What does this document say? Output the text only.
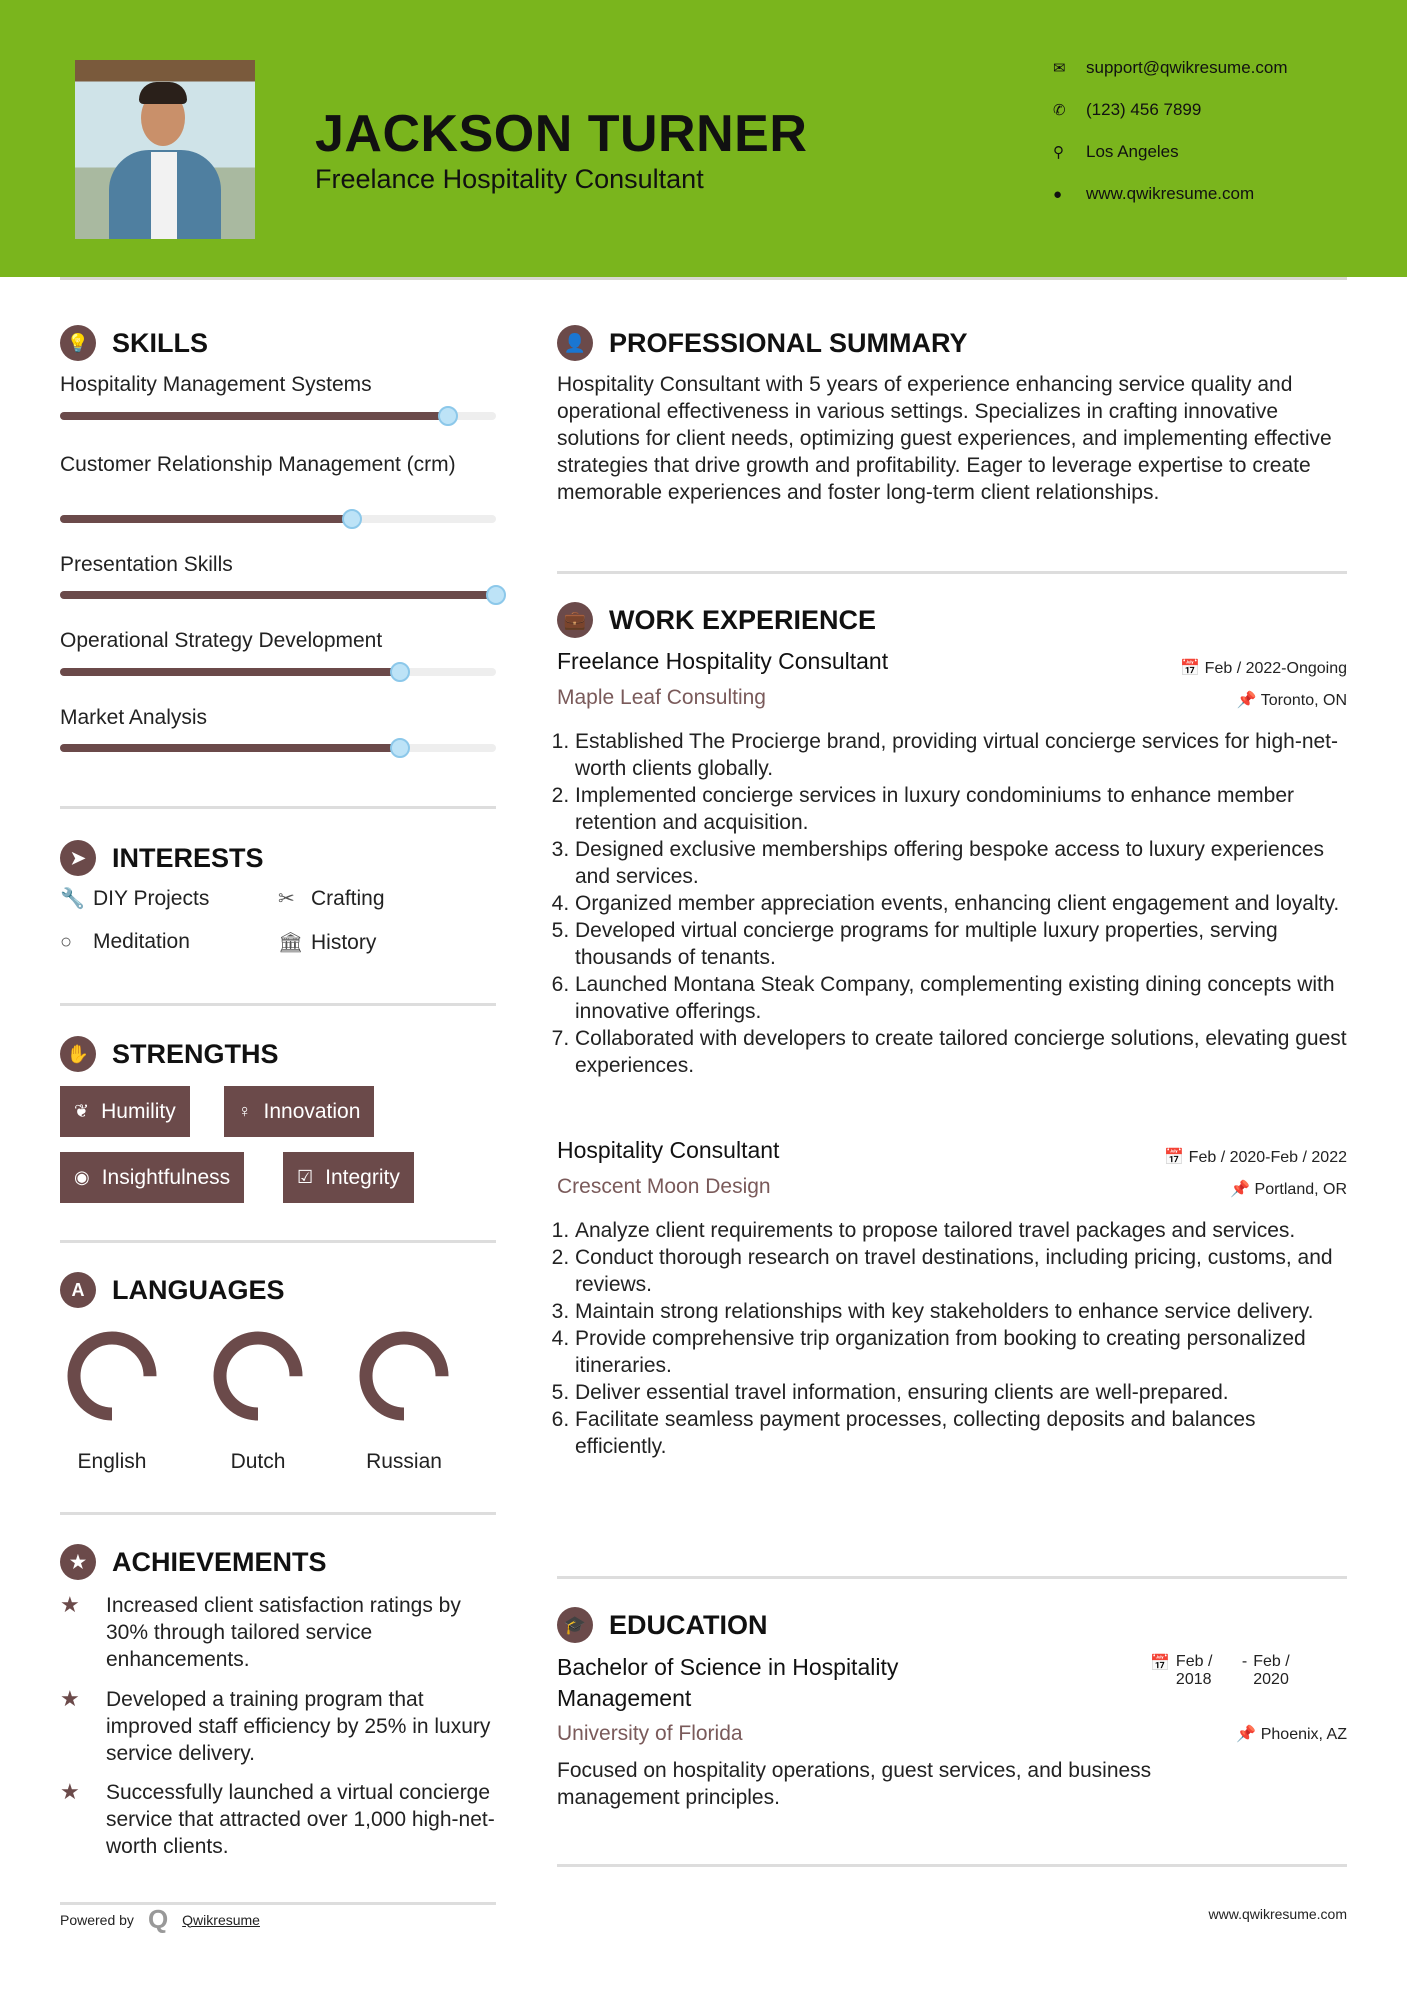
JACKSON TURNER
Freelance Hospitality Consultant
✉	support@qwikresume.com
✆	(123) 456 7899
⚲	Los Angeles
●	www.qwikresume.com
💡 SKILLS
Hospitality Management Systems
Customer Relationship Management (crm)
Presentation Skills
Operational Strategy Development
Market Analysis
➤ INTERESTS
🔧 DIY Projects	✂ Crafting
○ Meditation	🏛 History
✋ STRENGTHS
❦ Humility	♀ Innovation
◉ Insightfulness	☑ Integrity
A	LANGUAGES
English	Dutch	Russian
★ ACHIEVEMENTS
★	Increased client satisfaction ratings by 30% through tailored service enhancements.
★	Developed a training program that improved staff efficiency by 25% in luxury service delivery.
★	Successfully launched a virtual concierge service that attracted over 1,000 high-net-worth clients.
Powered by Q Qwikresume
👤 PROFESSIONAL SUMMARY
Hospitality Consultant with 5 years of experience enhancing service quality and operational effectiveness in various settings. Specializes in crafting innovative solutions for client needs, optimizing guest experiences, and implementing effective strategies that drive growth and profitability. Eager to leverage expertise to create memorable experiences and foster long-term client relationships.
💼 WORK EXPERIENCE
Freelance Hospitality Consultant	📅 Feb / 2022-Ongoing
Maple Leaf Consulting	📌 Toronto, ON
1. Established The Procierge brand, providing virtual concierge services for high-net-worth clients globally.
2. Implemented concierge services in luxury condominiums to enhance member retention and acquisition.
3. Designed exclusive memberships offering bespoke access to luxury experiences and services.
4. Organized member appreciation events, enhancing client engagement and loyalty.
5. Developed virtual concierge programs for multiple luxury properties, serving thousands of tenants.
6. Launched Montana Steak Company, complementing existing dining concepts with innovative offerings.
7. Collaborated with developers to create tailored concierge solutions, elevating guest experiences.
Hospitality Consultant	📅 Feb / 2020-Feb / 2022
Crescent Moon Design	📌 Portland, OR
1. Analyze client requirements to propose tailored travel packages and services.
2. Conduct thorough research on travel destinations, including pricing, customs, and reviews.
3. Maintain strong relationships with key stakeholders to enhance service delivery.
4. Provide comprehensive trip organization from booking to creating personalized itineraries.
5. Deliver essential travel information, ensuring clients are well-prepared.
6. Facilitate seamless payment processes, collecting deposits and balances efficiently.
🎓 EDUCATION
Bachelor of Science in Hospitality Management
📅 Feb / 2018
- Feb / 2020
University of Florida	📌 Phoenix, AZ
Focused on hospitality operations, guest services, and business management principles.
www.qwikresume.com
